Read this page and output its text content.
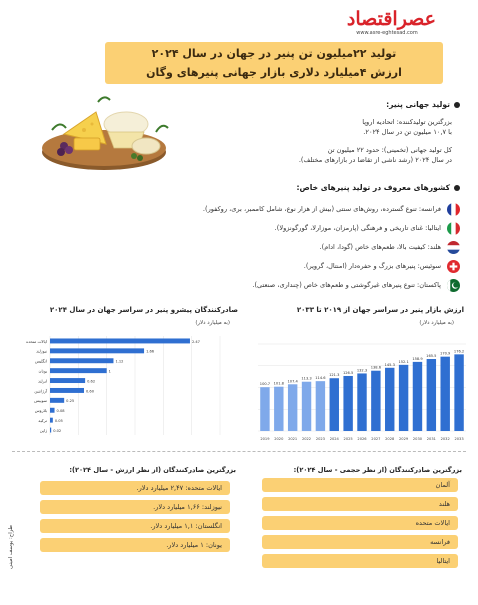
عصراقتصاد
www.asre-eghtesad.com
تولید ۲۲میلیون تن پنیر در جهان در سال ۲۰۲۴
ارزش ۴میلیارد دلاری بازار جهانی پنیرهای وگان
تولید جهانی پنیر:
بزرگترین تولیدکننده: اتحادیه اروپا
با ۱۰,۷ میلیون تن در سال ۲۰۲۴.
کل تولید جهانی (تخمینی): حدود ۲۲ میلیون تن
در سال ۲۰۲۴ (رشد ناشی از تقاضا در بازارهای مختلف).
کشورهای معروف در تولید پنیرهای خاص:
فرانسه: تنوع گسترده، روش‌های سنتی (بیش از هزار نوع، شامل کاممبر، بری، روکفور).
ایتالیا: غنای تاریخی و فرهنگی (پارمزان، موزارلا، گورگونزولا).
هلند: کیفیت بالا، طعم‌های خاص (گودا، ادام).
سوئیس: پنیرهای بزرگ و حفره‌دار (امنتال، گرویر).
پاکستان: تنوع پنیرهای غیرگوشتی و طعم‌های خاص (چنداری، صنعتی).
ارزش بازار پنیر در سراسر جهان از ۲۰۱۹ تا ۲۰۳۳
(به میلیارد دلار)
صادرکنندگان پیشرو پنیر در سراسر جهان در سال ۲۰۲۴
(به میلیارد دلار)
100.7
2019
101.8
2020
107.4
2021
113.3
2022
114.6
2023
121.3
2024
126.5
2025
132.3
2026
138.6
2027
145.3
2028
152.1
2029
158.9
2030
165.5
2031
170.9
2032
176.2
2033
ایالات متحده	2.47
نیوزلند	1.66
انگلیس	1.12
یونان	1
ایرلند	0.62
آرژانتین	0.60
سوییس	0.25
بلاروس	0.08
ترکیه 0.05
ژاپن 0.02
بزرگترین صادرکنندگان (از نظر ارزش - سال ۲۰۲۴):
ایالات متحده: ۲,۴۷ میلیارد دلار.
نیوزلند: ۱,۶۶ میلیارد دلار.
انگلستان: ۱,۱ میلیارد دلار.
یونان: ۱ میلیارد دلار.
بزرگترین صادرکنندگان (از نظر حجمی - سال ۲۰۲۴):
آلمان
هلند
ایالات متحده
فرانسه
ایتالیا
طراح: یوسف امینی
